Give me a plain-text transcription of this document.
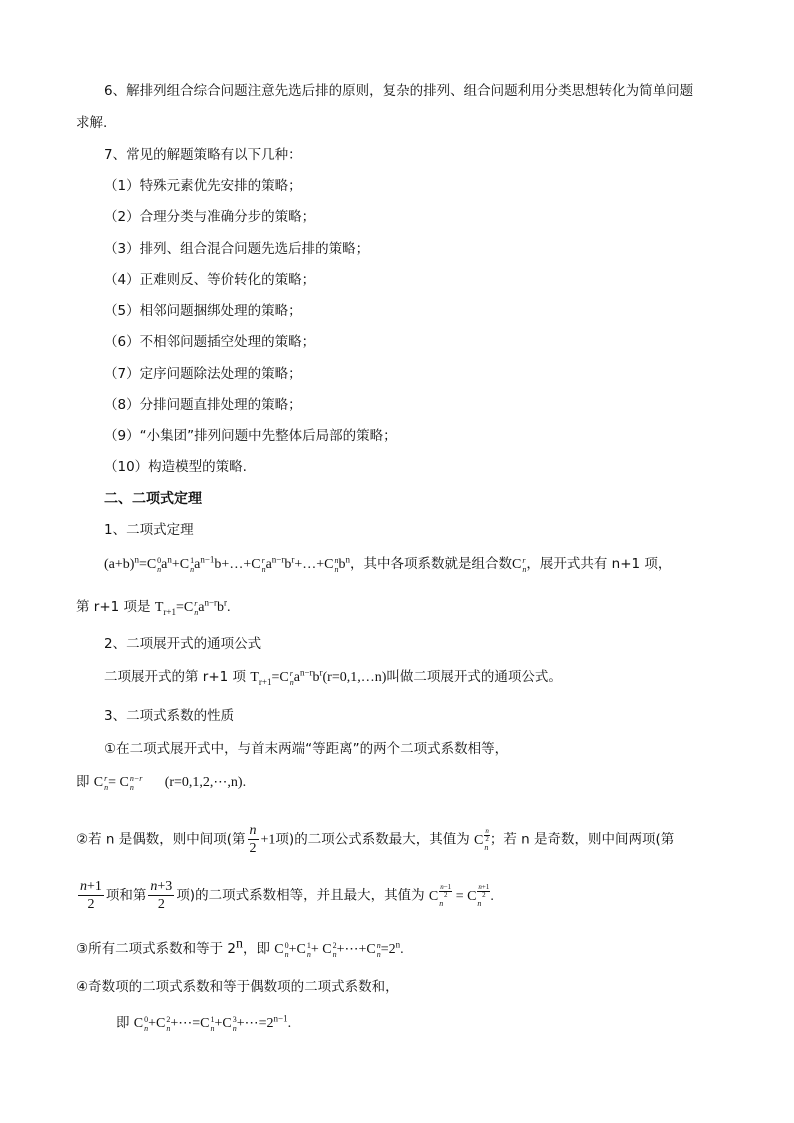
6、解排列组合综合问题注意先选后排的原则，复杂的排列、组合问题利用分类思想转化为简单问题
求解.
7、常见的解题策略有以下几种：
（1）特殊元素优先安排的策略；
（2）合理分类与准确分步的策略；
（3）排列、组合混合问题先选后排的策略；
（4）正难则反、等价转化的策略；
（5）相邻问题捆绑处理的策略；
（6）不相邻问题插空处理的策略；
（7）定序问题除法处理的策略；
（8）分排问题直排处理的策略；
（9）“小集团”排列问题中先整体后局部的策略；
（10）构造模型的策略.
二、二项式定理
1、二项式定理
$(a+b)^n=C$ 0
n $a^n+C$ 1
n $a^{n-1}b+\dots+C$ r
n $a^{n-r}b^r+\dots+C$ n
n $b^n$，其中各项系数就是组合数C r
n ，展开式共有 n+1 项，
第 r+1 项是 $T_{r+1}=C$ r
n $a^{n-r}b^r$.
2、二项展开式的通项公式
二项展开式的第 r+1 项 $T_{r+1}=C$ r
n $a^{n-r}b^r(r=0,1,\dots n)$叫做二项展开式的通项公式。
3、二项式系数的性质
①在二项式展开式中，与首末两端“等距离”的两个二项式系数相等，
即 C r
n = C n−r
n	(r=0,1,2,⋯,n).
②若 n 是偶数，则中间项(第 $\frac{n}{2} +1$项)的二项公式系数最大，其值为 C $\frac{n}{2}$
n
；若 n 是奇数，则中间两项(第
$\frac{n+1}{2}$ 项和第 $\frac{n+3}{2}$ 项)的二项式系数相等，并且最大，其值为 C $\frac{n-1}{2}$
n
= C $\frac{n+1}{2}$
n
.
③所有二项式系数和等于 2$^n$，即 C 0
n +C 1
n + C 2
n +⋯+C n
$n =2^n$.
④奇数项的二项式系数和等于偶数项的二项式系数和，
即 C 0
n +C 2
n +⋯=C 1
n +C 3
$n +\cdots=2^{n-1}$.
